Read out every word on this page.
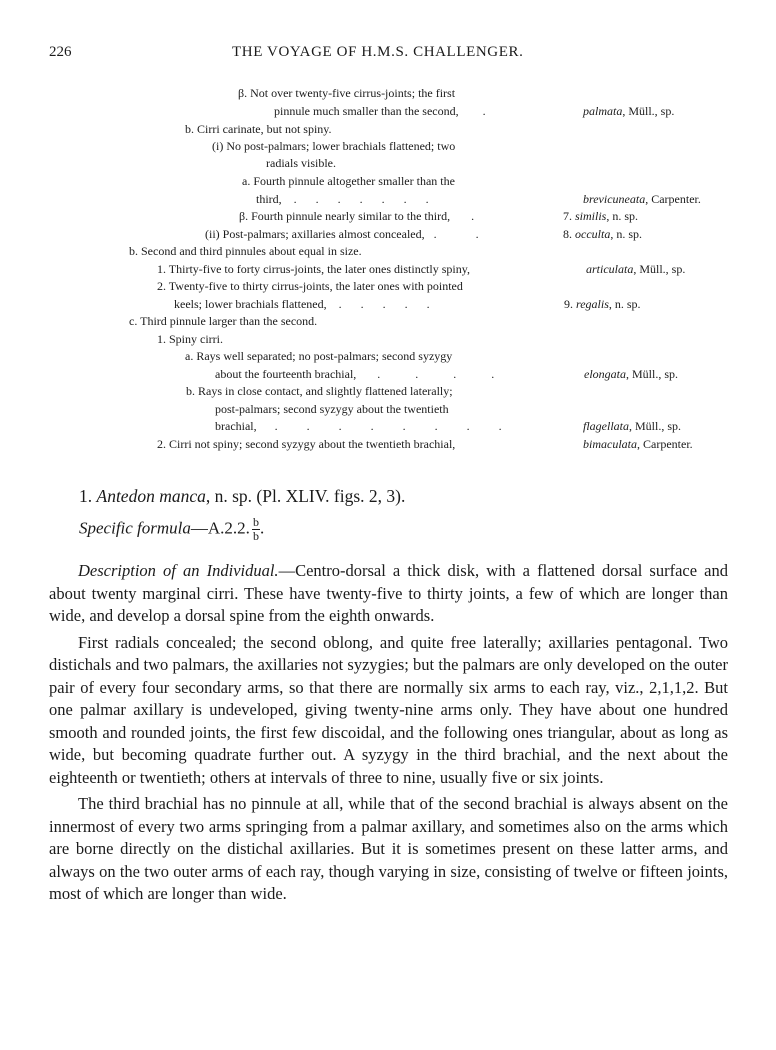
226	THE VOYAGE OF H.M.S. CHALLENGER.
β. Not over twenty-five cirrus-joints; the first
pinnule much smaller than the second, .	palmata, Müll., sp.
b. Cirri carinate, but not spiny.
(i) No post-palmars; lower brachials flattened; two
radials visible.
a. Fourth pinnule altogether smaller than the
third, . . . . . . .	brevicuneata, Carpenter.
β. Fourth pinnule nearly similar to the third, .	7. similis, n. sp.
(ii) Post-palmars; axillaries almost concealed, . .	8. occulta, n. sp.
b. Second and third pinnules about equal in size.
1. Thirty-five to forty cirrus-joints, the later ones distinctly spiny,	articulata, Müll., sp.
2. Twenty-five to thirty cirrus-joints, the later ones with pointed
keels; lower brachials flattened, . . . . .	9. regalis, n. sp.
c. Third pinnule larger than the second.
1. Spiny cirri.
a. Rays well separated; no post-palmars; second syzygy
about the fourteenth brachial, . . . .	elongata, Müll., sp.
b. Rays in close contact, and slightly flattened laterally;
post-palmars; second syzygy about the twentieth
brachial, . . . . . . . .	flagellata, Müll., sp.
2. Cirri not spiny; second syzygy about the twentieth brachial,	bimaculata, Carpenter.
1. Antedon manca, n. sp. (Pl. XLIV. figs. 2, 3).
Specific formula—A.2.2. $\frac{b}{b}$ .

Description of an Individual.—Centro-dorsal a thick disk, with a flattened dorsal surface and about twenty marginal cirri. These have twenty-five to thirty joints, a few of which are longer than wide, and develop a dorsal spine from the eighth onwards.

First radials concealed; the second oblong, and quite free laterally; axillaries pentagonal. Two distichals and two palmars, the axillaries not syzygies; but the palmars are only developed on the outer pair of every four secondary arms, so that there are normally six arms to each ray, viz., 2,1,1,2. But one palmar axillary is undeveloped, giving twenty-nine arms only. They have about one hundred smooth and rounded joints, the first few discoidal, and the following ones triangular, about as long as wide, but becoming quadrate further out. A syzygy in the third brachial, and the next about the eighteenth or twentieth; others at intervals of three to nine, usually five or six joints.

The third brachial has no pinnule at all, while that of the second brachial is always absent on the innermost of every two arms springing from a palmar axillary, and sometimes also on the arms which are borne directly on the distichal axillaries. But it is sometimes present on these latter arms, and always on the two outer arms of each ray, though varying in size, consisting of twelve or fifteen joints, most of which are longer than wide.
